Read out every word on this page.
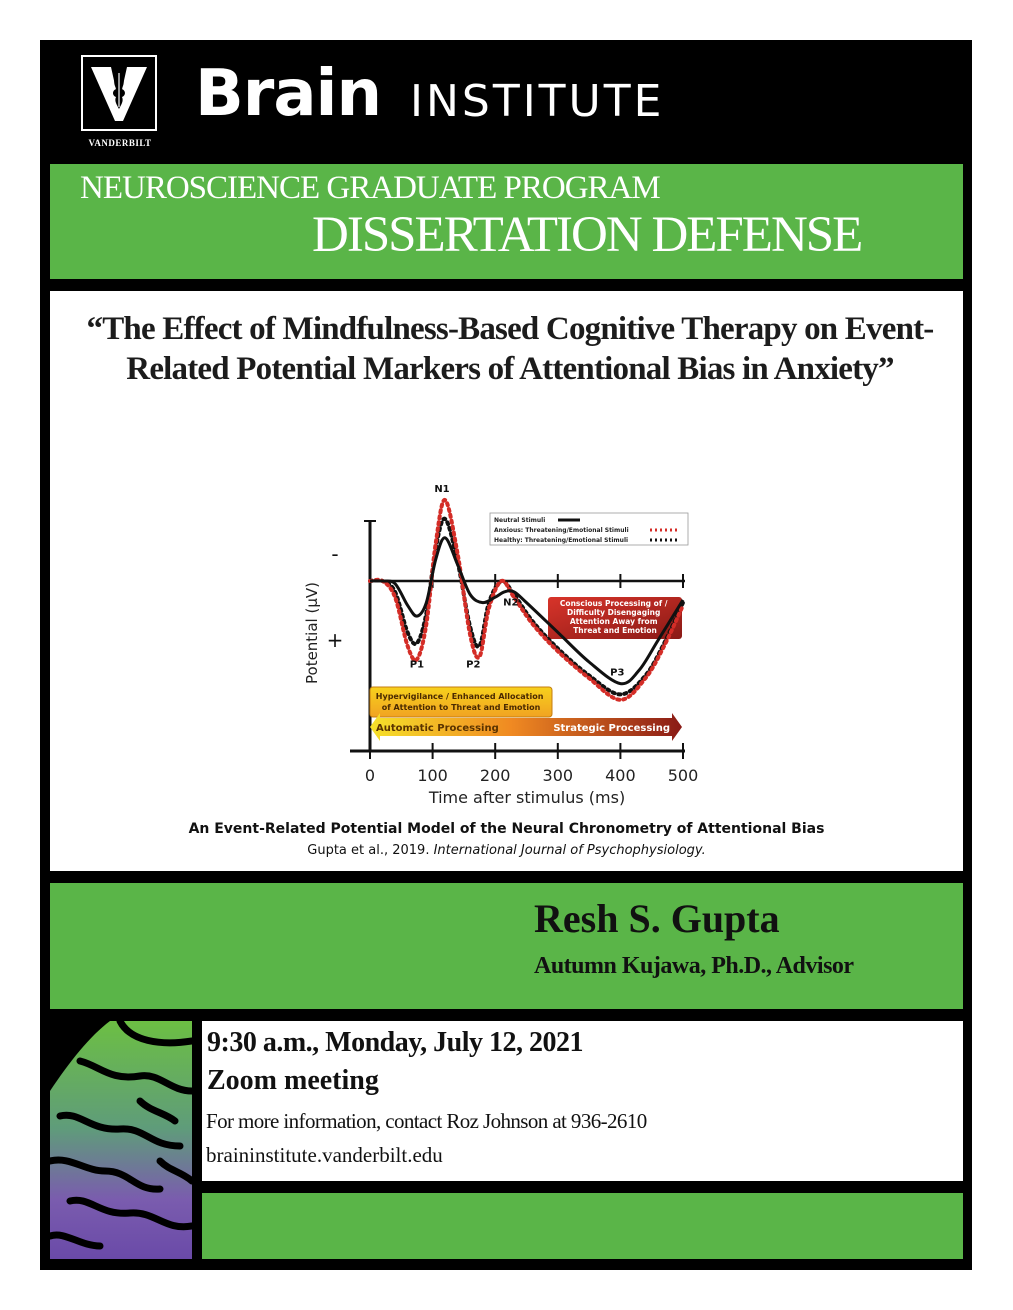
VANDERBILT
Brain INSTITUTE
NEUROSCIENCE GRADUATE PROGRAM
DISSERTATION DEFENSE
“The Effect of Mindfulness-Based Cognitive Therapy on Event-Related Potential Markers of Attentional Bias in Anxiety”
-
+
Potential (µV)
Time after stimulus (ms)
0	100 200 300 400 500
Hypervigilance / Enhanced Allocation of Attention to Threat and Emotion
Conscious Processing of / Difficulty Disengaging Attention Away from Threat and Emotion
Automatic Processing	Strategic Processing
Neutral Stimuli
Anxious: Threatening/Emotional Stimuli
Healthy: Threatening/Emotional Stimuli
N1
P1	P2
N2
P3
An Event-Related Potential Model of the Neural Chronometry of Attentional Bias
Gupta et al., 2019. International Journal of Psychophysiology.
Resh S. Gupta
Autumn Kujawa, Ph.D., Advisor
9:30 a.m., Monday, July 12, 2021
Zoom meeting
For more information, contact Roz Johnson at 936-2610
braininstitute.vanderbilt.edu
